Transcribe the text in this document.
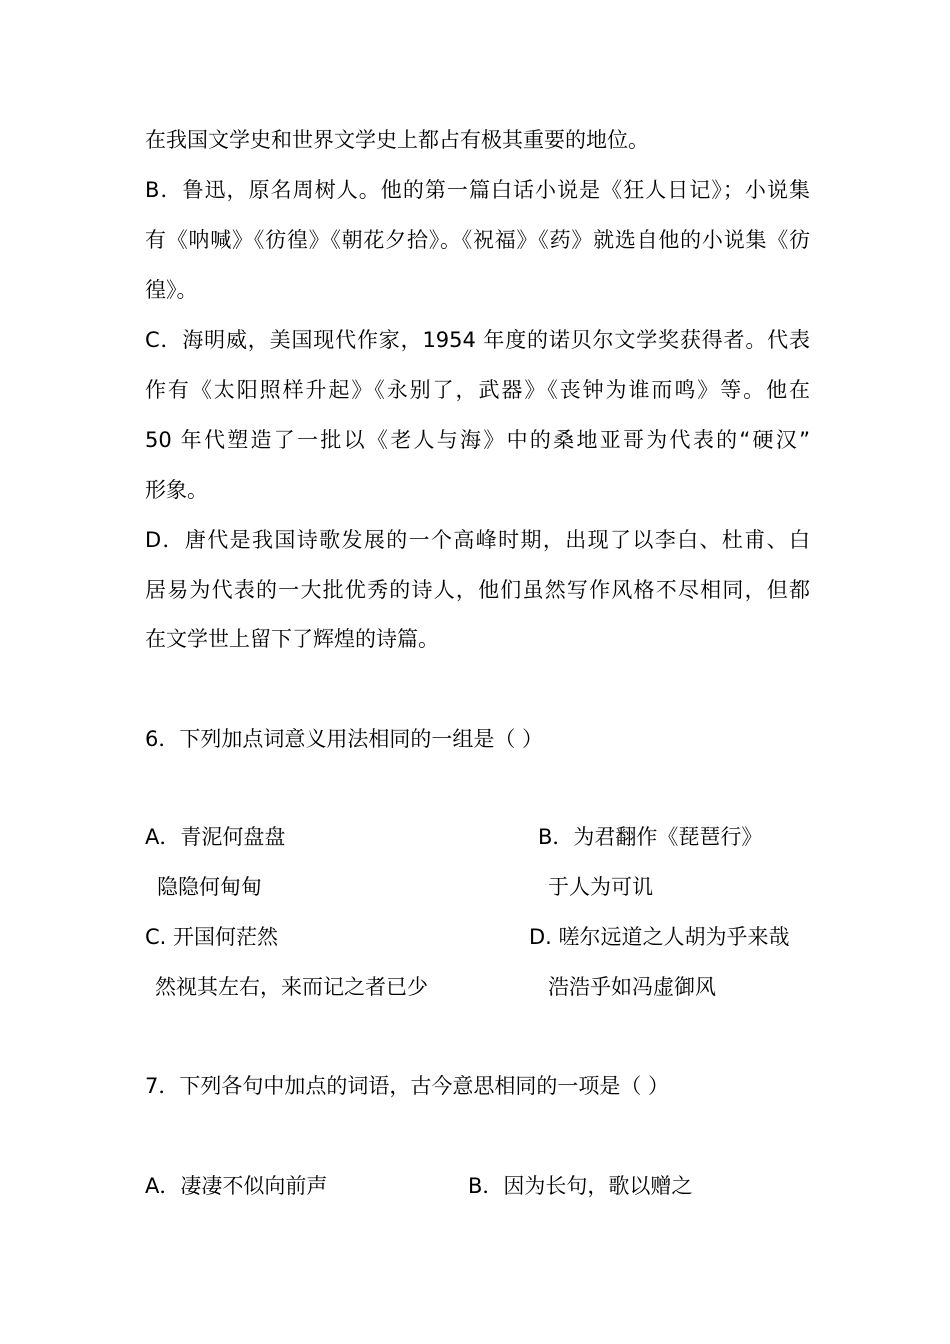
在我国文学史和世界文学史上都占有极其重要的地位。
B．鲁迅，原名周树人。他的第一篇白话小说是《狂人日记》；小说集
有《呐喊》《彷徨》《朝花夕拾》。《祝福》《药》就选自他的小说集《彷
徨》。
C．海明威，美国现代作家，1954 年度的诺贝尔文学奖获得者。代表
作有《太阳照样升起》《永别了，武器》《丧钟为谁而鸣》等。他在
50 年代塑造了一批以《老人与海》中的桑地亚哥为代表的“硬汉”
形象。
D．唐代是我国诗歌发展的一个高峰时期，出现了以李白、杜甫、白
居易为代表的一大批优秀的诗人，他们虽然写作风格不尽相同，但都
在文学世上留下了辉煌的诗篇。
6．下列加点词意义用法相同的一组是（ ）
A．青泥何盘盘	B．为君翻作《琵琶行》
隐隐何甸甸	于人为可讥
C. 开国何茫然	D. 嗟尔远道之人胡为乎来哉
然视其左右，来而记之者已少	浩浩乎如冯虚御风
7．下列各句中加点的词语，古今意思相同的一项是（ ）
A．凄凄不似向前声	B．因为长句，歌以赠之
